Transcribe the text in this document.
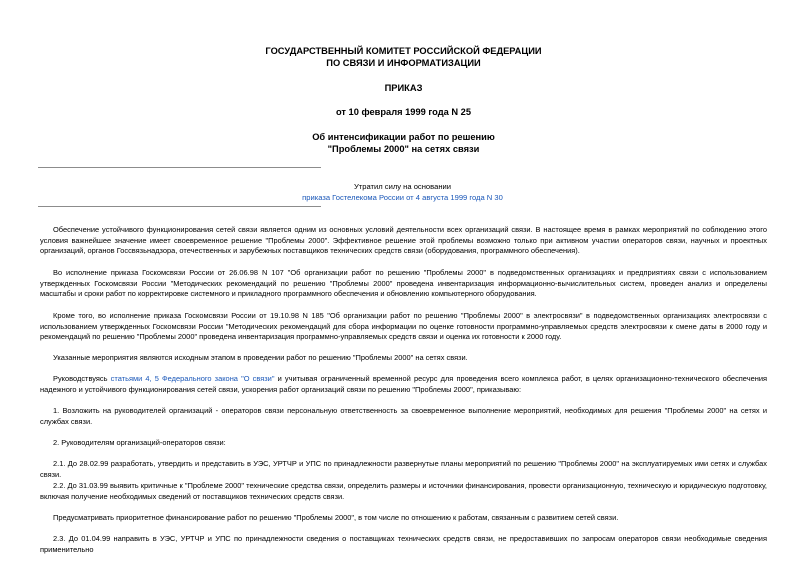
ГОСУДАРСТВЕННЫЙ КОМИТЕТ РОССИЙСКОЙ ФЕДЕРАЦИИ
ПО СВЯЗИ И ИНФОРМАТИЗАЦИИ
ПРИКАЗ
от 10 февраля 1999 года N 25
Об интенсификации работ по решению
"Проблемы 2000" на сетях связи
Утратил силу на основании
приказа Гостелекома России от 4 августа 1999 года N 30

Обеспечение устойчивого функционирования сетей связи является одним из основных условий деятельности всех организаций связи. В настоящее время в рамках мероприятий по соблюдению этого условия важнейшее значение имеет своевременное решение "Проблемы 2000". Эффективное решение этой проблемы возможно только при активном участии операторов связи, научных и проектных организаций, органов Госсвязьнадзора, отечественных и зарубежных поставщиков технических средств связи (оборудования, программного обеспечения).

Во исполнение приказа Госкомсвязи России от 26.06.98 N 107 "Об организации работ по решению "Проблемы 2000" в подведомственных организациях и предприятиях связи с использованием утвержденных Госкомсвязи России "Методических рекомендаций по решению "Проблемы 2000" проведена инвентаризация информационно-вычислительных систем, проведен анализ и определены масштабы и сроки работ по корректировке системного и прикладного программного обеспечения и обновлению компьютерного оборудования.

Кроме того, во исполнение приказа Госкомсвязи России от 19.10.98 N 185 "Об организации работ по решению "Проблемы 2000" в электросвязи" в подведомственных организациях электросвязи с использованием утвержденных Госкомсвязи России "Методических рекомендаций для сбора информации по оценке готовности программно-управляемых средств электросвязи к смене даты в 2000 году и рекомендаций по решению "Проблемы 2000" проведена инвентаризация программно-управляемых средств связи и оценка их готовности к 2000 году.

Указанные мероприятия являются исходным этапом в проведении работ по решению "Проблемы 2000" на сетях связи.

Руководствуясь статьями 4, 5 Федерального закона "О связи" и учитывая ограниченный временной ресурс для проведения всего комплекса работ, в целях организационно-технического обеспечения надежного и устойчивого функционирования сетей связи, ускорения работ организаций связи по решению "Проблемы 2000", приказываю:

1. Возложить на руководителей организаций - операторов связи персональную ответственность за своевременное выполнение мероприятий, необходимых для решения "Проблемы 2000" на сетях и службах связи.

2. Руководителям организаций-операторов связи:

2.1. До 28.02.99 разработать, утвердить и представить в УЭС, УРТЧР и УПС по принадлежности развернутые планы мероприятий по решению "Проблемы 2000" на эксплуатируемых ими сетях и службах связи.

2.2. До 31.03.99 выявить критичные к "Проблеме 2000" технические средства связи, определить размеры и источники финансирования, провести организационную, техническую и юридическую подготовку, включая получение необходимых сведений от поставщиков технических средств связи.

Предусматривать приоритетное финансирование работ по решению "Проблемы 2000", в том числе по отношению к работам, связанным с развитием сетей связи.

2.3. До 01.04.99 направить в УЭС, УРТЧР и УПС по принадлежности сведения о поставщиках технических средств связи, не предоставивших по запросам операторов связи необходимые сведения применительно
